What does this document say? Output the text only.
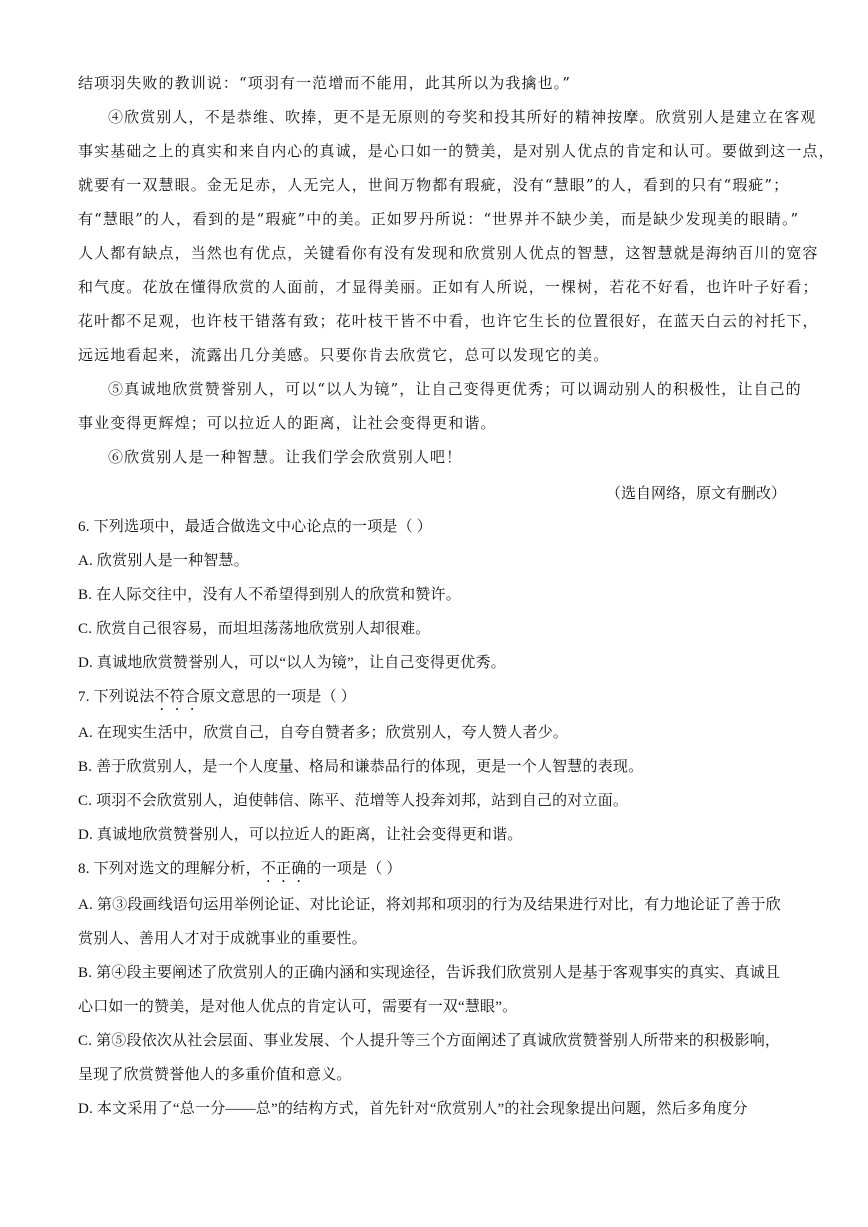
结项羽失败的教训说：“项羽有一范增而不能用，此其所以为我擒也。”
④欣赏别人，不是恭维、吹捧，更不是无原则的夸奖和投其所好的精神按摩。欣赏别人是建立在客观
事实基础之上的真实和来自内心的真诚，是心口如一的赞美，是对别人优点的肯定和认可。要做到这一点，
就要有一双慧眼。金无足赤，人无完人，世间万物都有瑕疵，没有“慧眼”的人，看到的只有“瑕疵”；
有“慧眼”的人，看到的是“瑕疵”中的美。正如罗丹所说：“世界并不缺少美，而是缺少发现美的眼睛。”
人人都有缺点，当然也有优点，关键看你有没有发现和欣赏别人优点的智慧，这智慧就是海纳百川的宽容
和气度。花放在懂得欣赏的人面前，才显得美丽。正如有人所说，一棵树，若花不好看，也许叶子好看；
花叶都不足观，也许枝干错落有致；花叶枝干皆不中看，也许它生长的位置很好，在蓝天白云的衬托下，
远远地看起来，流露出几分美感。只要你肯去欣赏它，总可以发现它的美。
⑤真诚地欣赏赞誉别人，可以“以人为镜”，让自己变得更优秀；可以调动别人的积极性，让自己的
事业变得更辉煌；可以拉近人的距离，让社会变得更和谐。
⑥欣赏别人是一种智慧。让我们学会欣赏别人吧！
（选自网络，原文有删改）
6. 下列选项中，最适合做选文中心论点的一项是（ ）
A. 欣赏别人是一种智慧。
B. 在人际交往中，没有人不希望得到别人的欣赏和赞许。
C. 欣赏自己很容易，而坦坦荡荡地欣赏别人却很难。
D. 真诚地欣赏赞誉别人，可以“以人为镜”，让自己变得更优秀。
7. 下列说法不符合原文意思的一项是（ ）
A. 在现实生活中，欣赏自己，自夸自赞者多；欣赏别人，夸人赞人者少。
B. 善于欣赏别人，是一个人度量、格局和谦恭品行的体现，更是一个人智慧的表现。
C. 项羽不会欣赏别人，迫使韩信、陈平、范增等人投奔刘邦，站到自己的对立面。
D. 真诚地欣赏赞誉别人，可以拉近人的距离，让社会变得更和谐。
8. 下列对选文的理解分析，不正确的一项是（ ）
A. 第③段画线语句运用举例论证、对比论证，将刘邦和项羽的行为及结果进行对比，有力地论证了善于欣
赏别人、善用人才对于成就事业的重要性。
B. 第④段主要阐述了欣赏别人的正确内涵和实现途径，告诉我们欣赏别人是基于客观事实的真实、真诚且
心口如一的赞美，是对他人优点的肯定认可，需要有一双“慧眼”。
C. 第⑤段依次从社会层面、事业发展、个人提升等三个方面阐述了真诚欣赏赞誉别人所带来的积极影响，
呈现了欣赏赞誉他人的多重价值和意义。
D. 本文采用了“总一分——总”的结构方式，首先针对“欣赏别人”的社会现象提出问题，然后多角度分
